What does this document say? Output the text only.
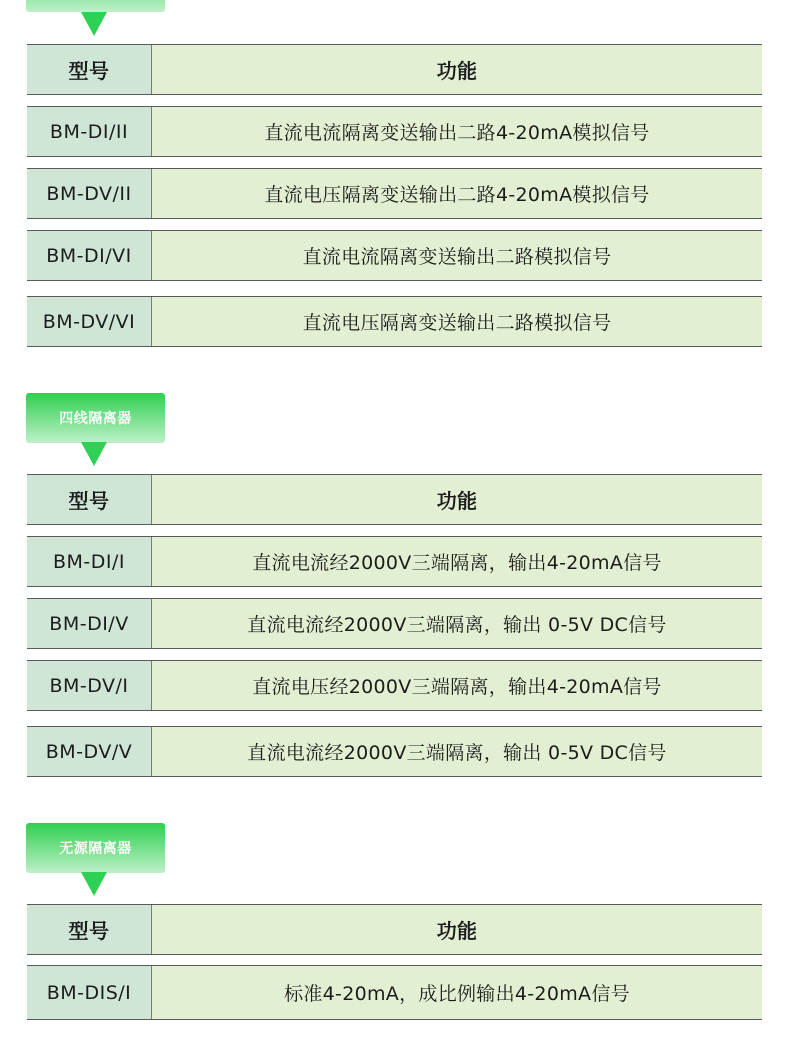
型号	功能
BM-DI/II	直流电流隔离变送输出二路4-20mA模拟信号
BM-DV/II	直流电压隔离变送输出二路4-20mA模拟信号
BM-DI/VI	直流电流隔离变送输出二路模拟信号
BM-DV/VI	直流电压隔离变送输出二路模拟信号
四线隔离器
型号	功能
BM-DI/I	直流电流经2000V三端隔离，输出4-20mA信号
BM-DI/V	直流电流经2000V三端隔离，输出 0-5V DC信号
BM-DV/I	直流电压经2000V三端隔离，输出4-20mA信号
BM-DV/V	直流电流经2000V三端隔离，输出 0-5V DC信号
无源隔离器
型号	功能
BM-DIS/I	标准4-20mA，成比例输出4-20mA信号
